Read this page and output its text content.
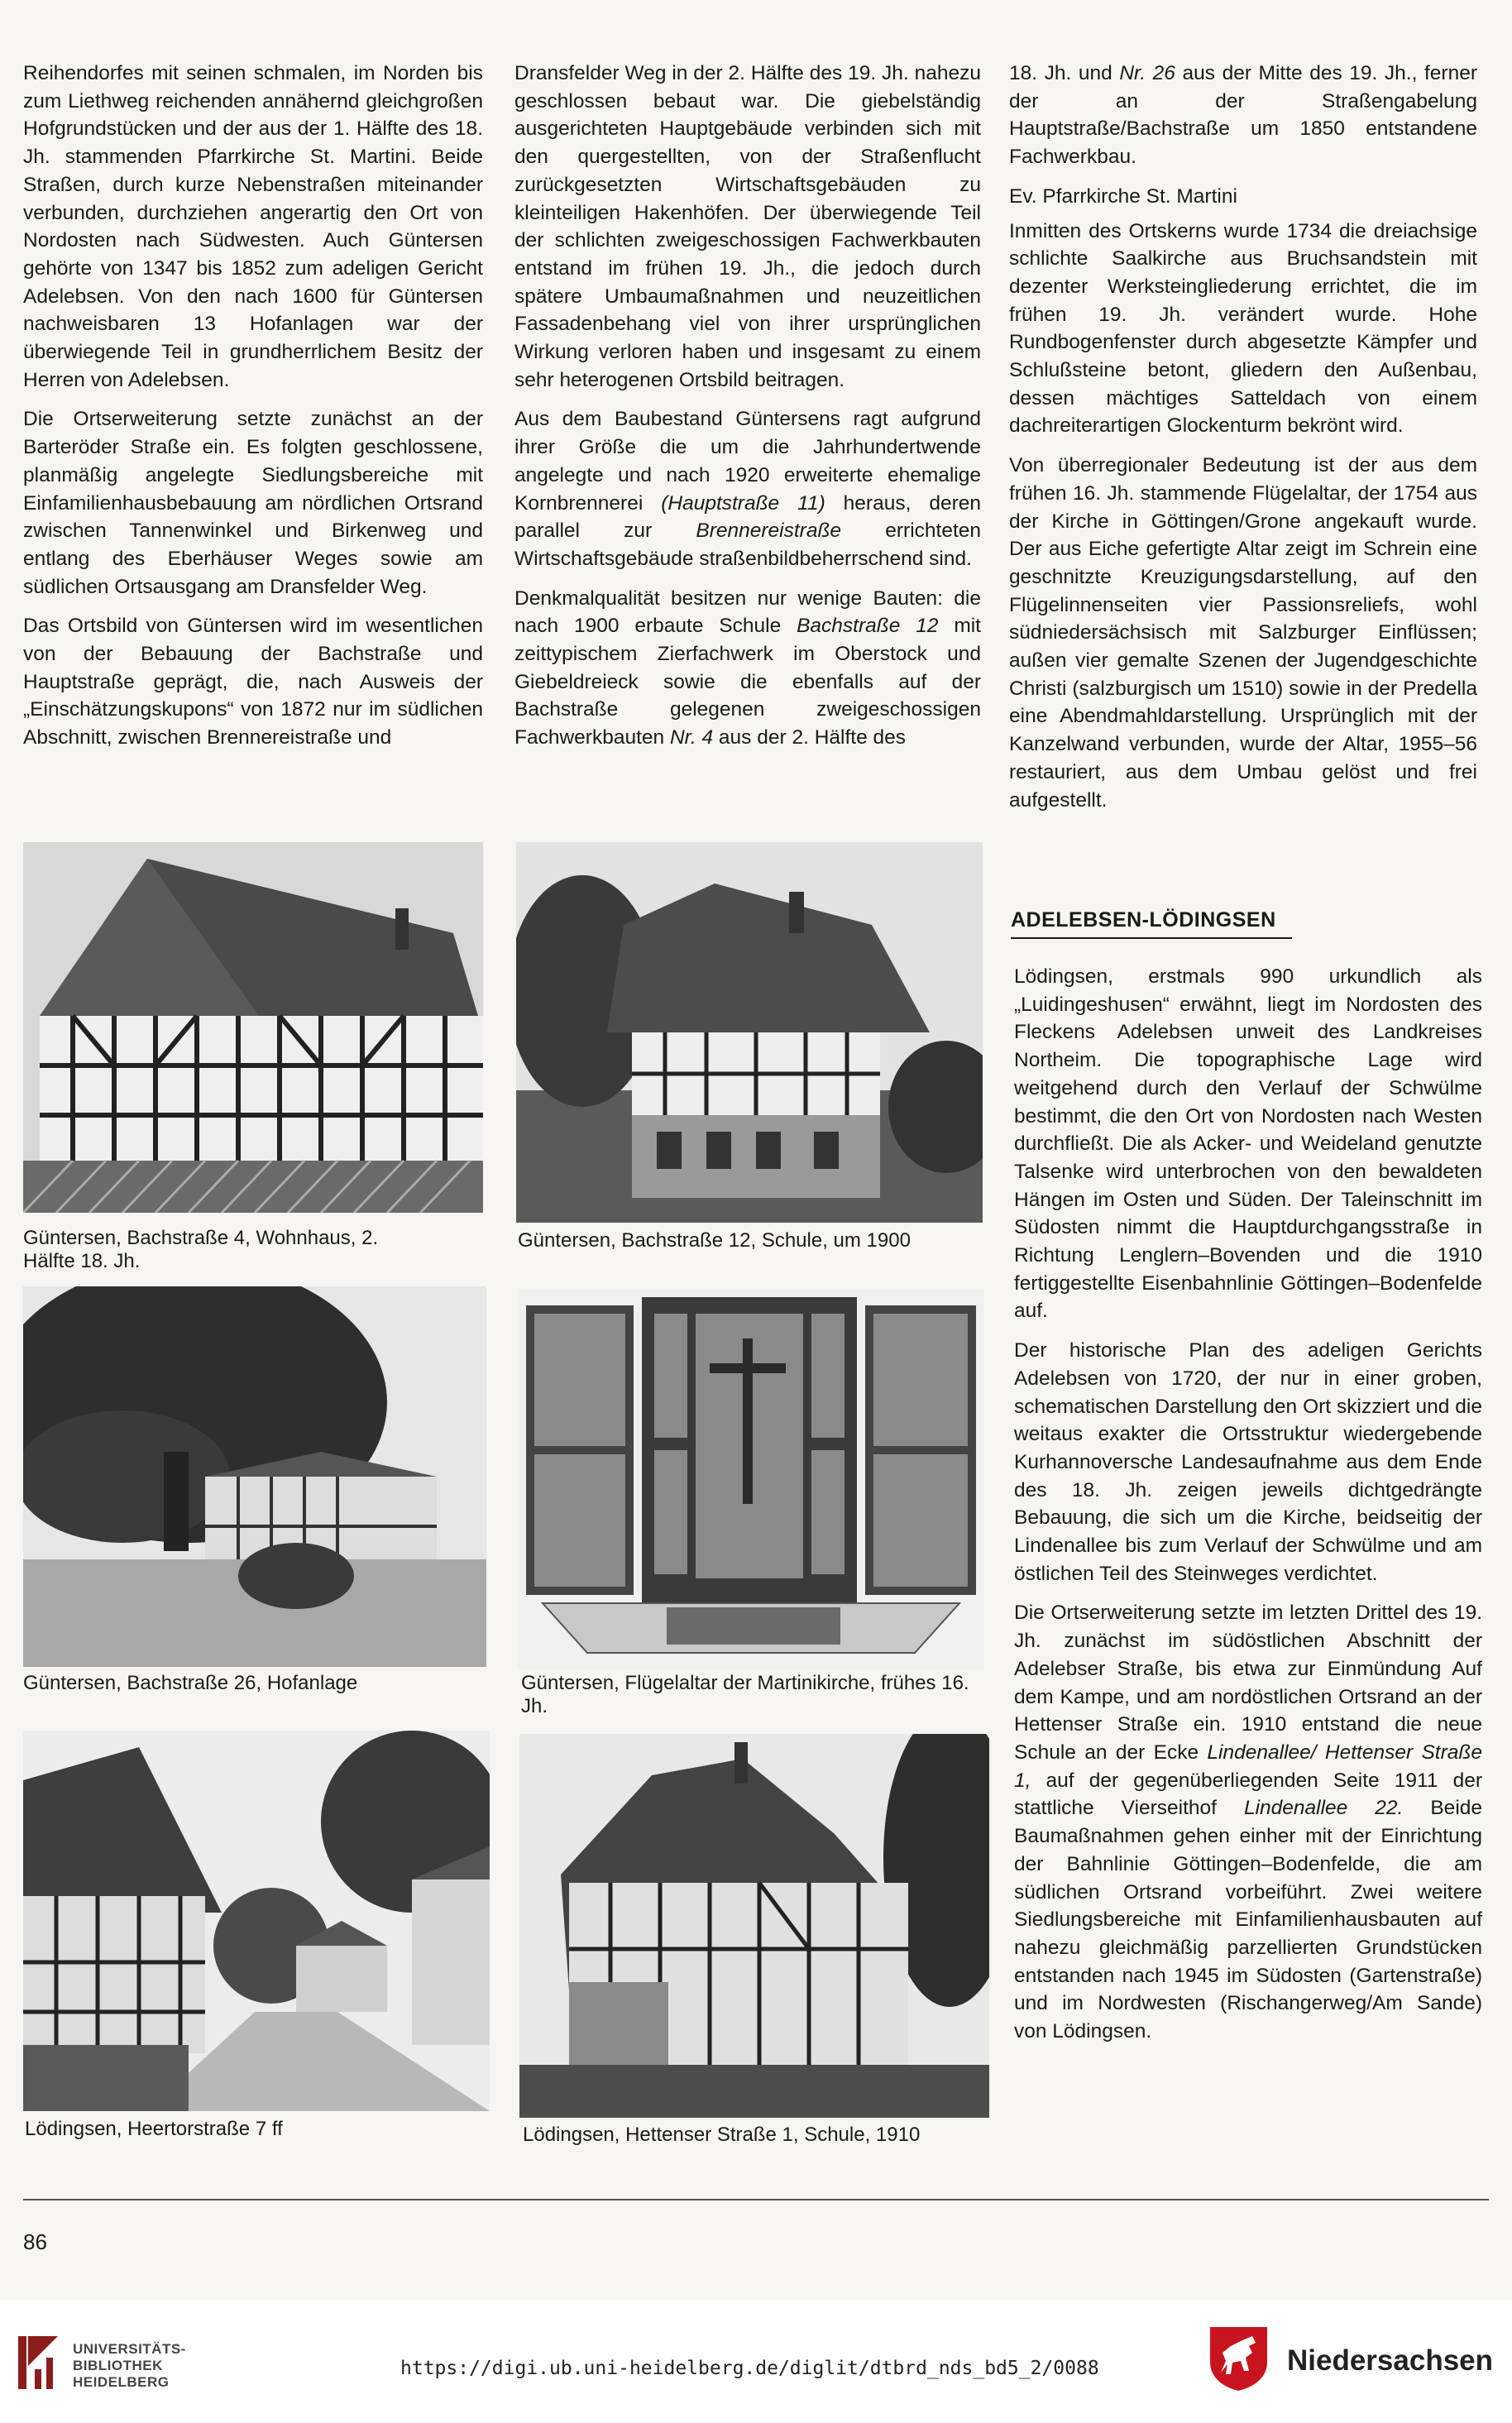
Reihendorfes mit seinen schmalen, im Norden bis zum Liethweg reichenden annähernd gleichgroßen Hofgrundstücken und der aus der 1. Hälfte des 18. Jh. stammenden Pfarrkirche St. Martini. Beide Straßen, durch kurze Nebenstraßen miteinander verbunden, durchziehen angerartig den Ort von Nordosten nach Südwesten. Auch Güntersen gehörte von 1347 bis 1852 zum adeligen Gericht Adelebsen. Von den nach 1600 für Güntersen nachweisbaren 13 Hofanlagen war der überwiegende Teil in grundherrlichem Besitz der Herren von Adelebsen.

Die Ortserweiterung setzte zunächst an der Barteröder Straße ein. Es folgten geschlossene, planmäßig angelegte Siedlungsbereiche mit Einfamilienhausbebauung am nördlichen Ortsrand zwischen Tannenwinkel und Birkenweg und entlang des Eberhäuser Weges sowie am südlichen Ortsausgang am Dransfelder Weg.

Das Ortsbild von Güntersen wird im wesentlichen von der Bebauung der Bachstraße und Hauptstraße geprägt, die, nach Ausweis der „Einschätzungskupons“ von 1872 nur im südlichen Abschnitt, zwischen Brennereistraße und

Dransfelder Weg in der 2. Hälfte des 19. Jh. nahezu geschlossen bebaut war. Die giebelständig ausgerichteten Hauptgebäude verbinden sich mit den quergestellten, von der Straßenflucht zurückgesetzten Wirtschaftsgebäuden zu kleinteiligen Hakenhöfen. Der überwiegende Teil der schlichten zweigeschossigen Fachwerkbauten entstand im frühen 19. Jh., die jedoch durch spätere Umbaumaßnahmen und neuzeitlichen Fassadenbehang viel von ihrer ursprünglichen Wirkung verloren haben und insgesamt zu einem sehr heterogenen Ortsbild beitragen.

Aus dem Baubestand Güntersens ragt aufgrund ihrer Größe die um die Jahrhundertwende angelegte und nach 1920 erweiterte ehemalige Kornbrennerei (Hauptstraße 11) heraus, deren parallel zur Brennereistraße errichteten Wirtschaftsgebäude straßenbildbeherrschend sind.

Denkmalqualität besitzen nur wenige Bauten: die nach 1900 erbaute Schule Bachstraße 12 mit zeittypischem Zierfachwerk im Oberstock und Giebeldreieck sowie die ebenfalls auf der Bachstraße gelegenen zweigeschossigen Fachwerkbauten Nr. 4 aus der 2. Hälfte des

18. Jh. und Nr. 26 aus der Mitte des 19. Jh., ferner der an der Straßengabelung Hauptstraße/Bachstraße um 1850 entstandene Fachwerkbau.

Ev. Pfarrkirche St. Martini

Inmitten des Ortskerns wurde 1734 die dreiachsige schlichte Saalkirche aus Bruchsandstein mit dezenter Werksteingliederung errichtet, die im frühen 19. Jh. verändert wurde. Hohe Rundbogenfenster durch abgesetzte Kämpfer und Schlußsteine betont, gliedern den Außenbau, dessen mächtiges Satteldach von einem dachreiterartigen Glockenturm bekrönt wird.

Von überregionaler Bedeutung ist der aus dem frühen 16. Jh. stammende Flügelaltar, der 1754 aus der Kirche in Göttingen/Grone angekauft wurde. Der aus Eiche gefertigte Altar zeigt im Schrein eine geschnitzte Kreuzigungsdarstellung, auf den Flügelinnenseiten vier Passionsreliefs, wohl südniedersächsisch mit Salzburger Einflüssen; außen vier gemalte Szenen der Jugendgeschichte Christi (salzburgisch um 1510) sowie in der Predella eine Abendmahldarstellung. Ursprünglich mit der Kanzelwand verbunden, wurde der Altar, 1955–56 restauriert, aus dem Umbau gelöst und frei aufgestellt.

ADELEBSEN-LÖDINGSEN

Lödingsen, erstmals 990 urkundlich als „Luidingeshusen“ erwähnt, liegt im Nordosten des Fleckens Adelebsen unweit des Landkreises Northeim. Die topographische Lage wird weitgehend durch den Verlauf der Schwülme bestimmt, die den Ort von Nordosten nach Westen durchfließt. Die als Acker- und Weideland genutzte Talsenke wird unterbrochen von den bewaldeten Hängen im Osten und Süden. Der Taleinschnitt im Südosten nimmt die Hauptdurchgangsstraße in Richtung Lenglern–Bovenden und die 1910 fertiggestellte Eisenbahnlinie Göttingen–Bodenfelde auf.

Der historische Plan des adeligen Gerichts Adelebsen von 1720, der nur in einer groben, schematischen Darstellung den Ort skizziert und die weitaus exakter die Ortsstruktur wiedergebende Kurhannoversche Landesaufnahme aus dem Ende des 18. Jh. zeigen jeweils dichtgedrängte Bebauung, die sich um die Kirche, beidseitig der Lindenallee bis zum Verlauf der Schwülme und am östlichen Teil des Steinweges verdichtet.

Die Ortserweiterung setzte im letzten Drittel des 19. Jh. zunächst im südöstlichen Abschnitt der Adelebser Straße, bis etwa zur Einmündung Auf dem Kampe, und am nordöstlichen Ortsrand an der Hettenser Straße ein. 1910 entstand die neue Schule an der Ecke Lindenallee/ Hettenser Straße 1, auf der gegenüberliegenden Seite 1911 der stattliche Vierseithof Lindenallee 22. Beide Baumaßnahmen gehen einher mit der Einrichtung der Bahnlinie Göttingen–Bodenfelde, die am südlichen Ortsrand vorbeiführt. Zwei weitere Siedlungsbereiche mit Einfamilienhausbauten auf nahezu gleichmäßig parzellierten Grundstücken entstanden nach 1945 im Südosten (Gartenstraße) und im Nordwesten (Rischangerweg/Am Sande) von Lödingsen.

Güntersen, Bachstraße 4, Wohnhaus, 2. Hälfte 18. Jh.
Güntersen, Bachstraße 12, Schule, um 1900
Güntersen, Bachstraße 26, Hofanlage	Güntersen, Flügelaltar der Martinikirche, frühes 16. Jh.
Lödingsen, Heertorstraße 7 ff	Lödingsen, Hettenser Straße 1, Schule, 1910
86
UNIVERSITÄTS-
BIBLIOTHEK
HEIDELBERG
https://digi.ub.uni-heidelberg.de/diglit/dtbrd_nds_bd5_2/0088	Niedersachsen
